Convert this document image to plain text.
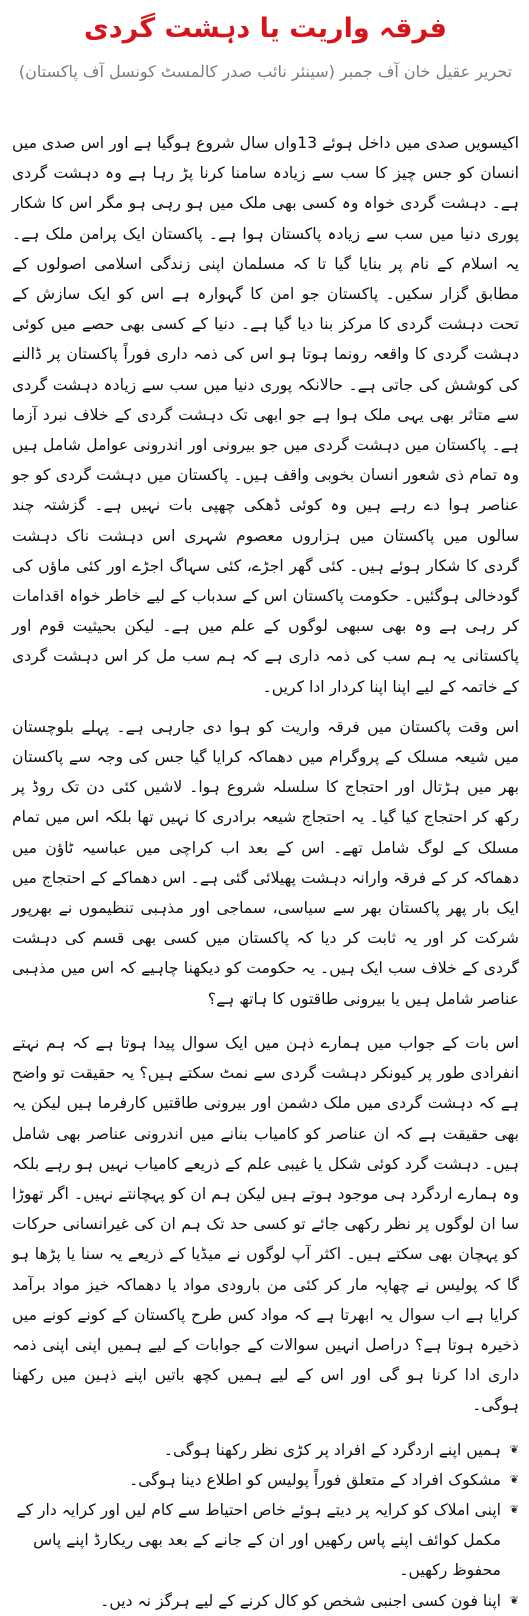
فرقہ واریت یا دہشت گردی
تحریر عقیل خان آف جمبر (سینئر نائب صدر کالمسٹ کونسل آف پاکستان)

اکیسویں صدی میں داخل ہوئے 13واں سال شروع ہوگیا ہے اور اس صدی میں انسان کو جس چیز کا سب سے زیادہ سامنا کرنا پڑ رہا ہے وہ دہشت گردی ہے۔ دہشت گردی خواہ وہ کسی بھی ملک میں ہو رہی ہو مگر اس کا شکار پوری دنیا میں سب سے زیادہ پاکستان ہوا ہے۔ پاکستان ایک پرامن ملک ہے۔ یہ اسلام کے نام پر بنایا گیا تا کہ مسلمان اپنی زندگی اسلامی اصولوں کے مطابق گزار سکیں۔ پاکستان جو امن کا گہوارہ ہے اس کو ایک سازش کے تحت دہشت گردی کا مرکز بنا دیا گیا ہے۔ دنیا کے کسی بھی حصے میں کوئی دہشت گردی کا واقعہ رونما ہوتا ہو اس کی ذمہ داری فوراً پاکستان پر ڈالنے کی کوشش کی جاتی ہے۔ حالانکہ پوری دنیا میں سب سے زیادہ دہشت گردی سے متاثر بھی یہی ملک ہوا ہے جو ابھی تک دہشت گردی کے خلاف نبرد آزما ہے۔ پاکستان میں دہشت گردی میں جو بیرونی اور اندرونی عوامل شامل ہیں وہ تمام ذی شعور انسان بخوبی واقف ہیں۔ پاکستان میں دہشت گردی کو جو عناصر ہوا دے رہے ہیں وہ کوئی ڈھکی چھپی بات نہیں ہے۔ گزشتہ چند سالوں میں پاکستان میں ہزاروں معصوم شہری اس دہشت ناک دہشت گردی کا شکار ہوئے ہیں۔ کئی گھر اجڑے، کئی سہاگ اجڑے اور کئی ماؤں کی گودخالی ہوگئیں۔ حکومت پاکستان اس کے سدباب کے لیے خاطر خواہ اقدامات کر رہی ہے وہ بھی سبھی لوگوں کے علم میں ہے۔ لیکن بحیثیت قوم اور پاکستانی یہ ہم سب کی ذمہ داری ہے کہ ہم سب مل کر اس دہشت گردی کے خاتمہ کے لیے اپنا اپنا کردار ادا کریں۔

اس وقت پاکستان میں فرقہ واریت کو ہوا دی جارہی ہے۔ پہلے بلوچستان میں شیعہ مسلک کے پروگرام میں دھماکہ کرایا گیا جس کی وجہ سے پاکستان بھر میں ہڑتال اور احتجاج کا سلسلہ شروع ہوا۔ لاشیں کئی دن تک روڈ پر رکھ کر احتجاج کیا گیا۔ یہ احتجاج شیعہ برادری کا نہیں تھا بلکہ اس میں تمام مسلک کے لوگ شامل تھے۔ اس کے بعد اب کراچی میں عباسیہ ٹاؤن میں دھماکہ کر کے فرقہ وارانہ دہشت پھیلائی گئی ہے۔ اس دھماکے کے احتجاج میں ایک بار پھر پاکستان بھر سے سیاسی، سماجی اور مذہبی تنظیموں نے بھرپور شرکت کر اور یہ ثابت کر دیا کہ پاکستان میں کسی بھی قسم کی دہشت گردی کے خلاف سب ایک ہیں۔ یہ حکومت کو دیکھنا چاہیے کہ اس میں مذہبی عناصر شامل ہیں یا بیرونی طاقتوں کا ہاتھ ہے؟

اس بات کے جواب میں ہمارے ذہن میں ایک سوال پیدا ہوتا ہے کہ ہم نہتے انفرادی طور پر کیونکر دہشت گردی سے نمٹ سکتے ہیں؟ یہ حقیقت تو واضح ہے کہ دہشت گردی میں ملک دشمن اور بیرونی طاقتیں کارفرما ہیں لیکن یہ بھی حقیقت ہے کہ ان عناصر کو کامیاب بنانے میں اندرونی عناصر بھی شامل ہیں۔ دہشت گرد کوئی شکل یا غیبی علم کے ذریعے کامیاب نہیں ہو رہے بلکہ وہ ہمارے اردگرد ہی موجود ہوتے ہیں لیکن ہم ان کو پہچانتے نہیں۔ اگر تھوڑا سا ان لوگوں پر نظر رکھی جائے تو کسی حد تک ہم ان کی غیرانسانی حرکات کو پہچان بھی سکتے ہیں۔ اکثر آپ لوگوں نے میڈیا کے ذریعے یہ سنا یا پڑھا ہو گا کہ پولیس نے چھاپہ مار کر کئی من بارودی مواد یا دھماکہ خیز مواد برآمد کرایا ہے اب سوال یہ ابھرتا ہے کہ مواد کس طرح پاکستان کے کونے کونے میں ذخیرہ ہوتا ہے؟ دراصل انہیں سوالات کے جوابات کے لیے ہمیں اپنی اپنی ذمہ داری ادا کرنا ہو گی اور اس کے لیے ہمیں کچھ باتیں اپنے ذہین میں رکھنا ہوگی۔

❦
ہمیں اپنے اردگرد کے افراد پر کڑی نظر رکھنا ہوگی۔
❦
مشکوک افراد کے متعلق فوراً پولیس کو اطلاع دینا ہوگی۔
❦
اپنی املاک کو کرایہ پر دیتے ہوئے خاص احتیاط سے کام لیں اور کرایہ دار کے مکمل کوائف اپنے پاس رکھیں اور ان کے جانے کے بعد بھی ریکارڈ اپنے پاس محفوظ رکھیں۔
❦
اپنا فون کسی اجنبی شخص کو کال کرنے کے لیے ہرگز نہ دیں۔
